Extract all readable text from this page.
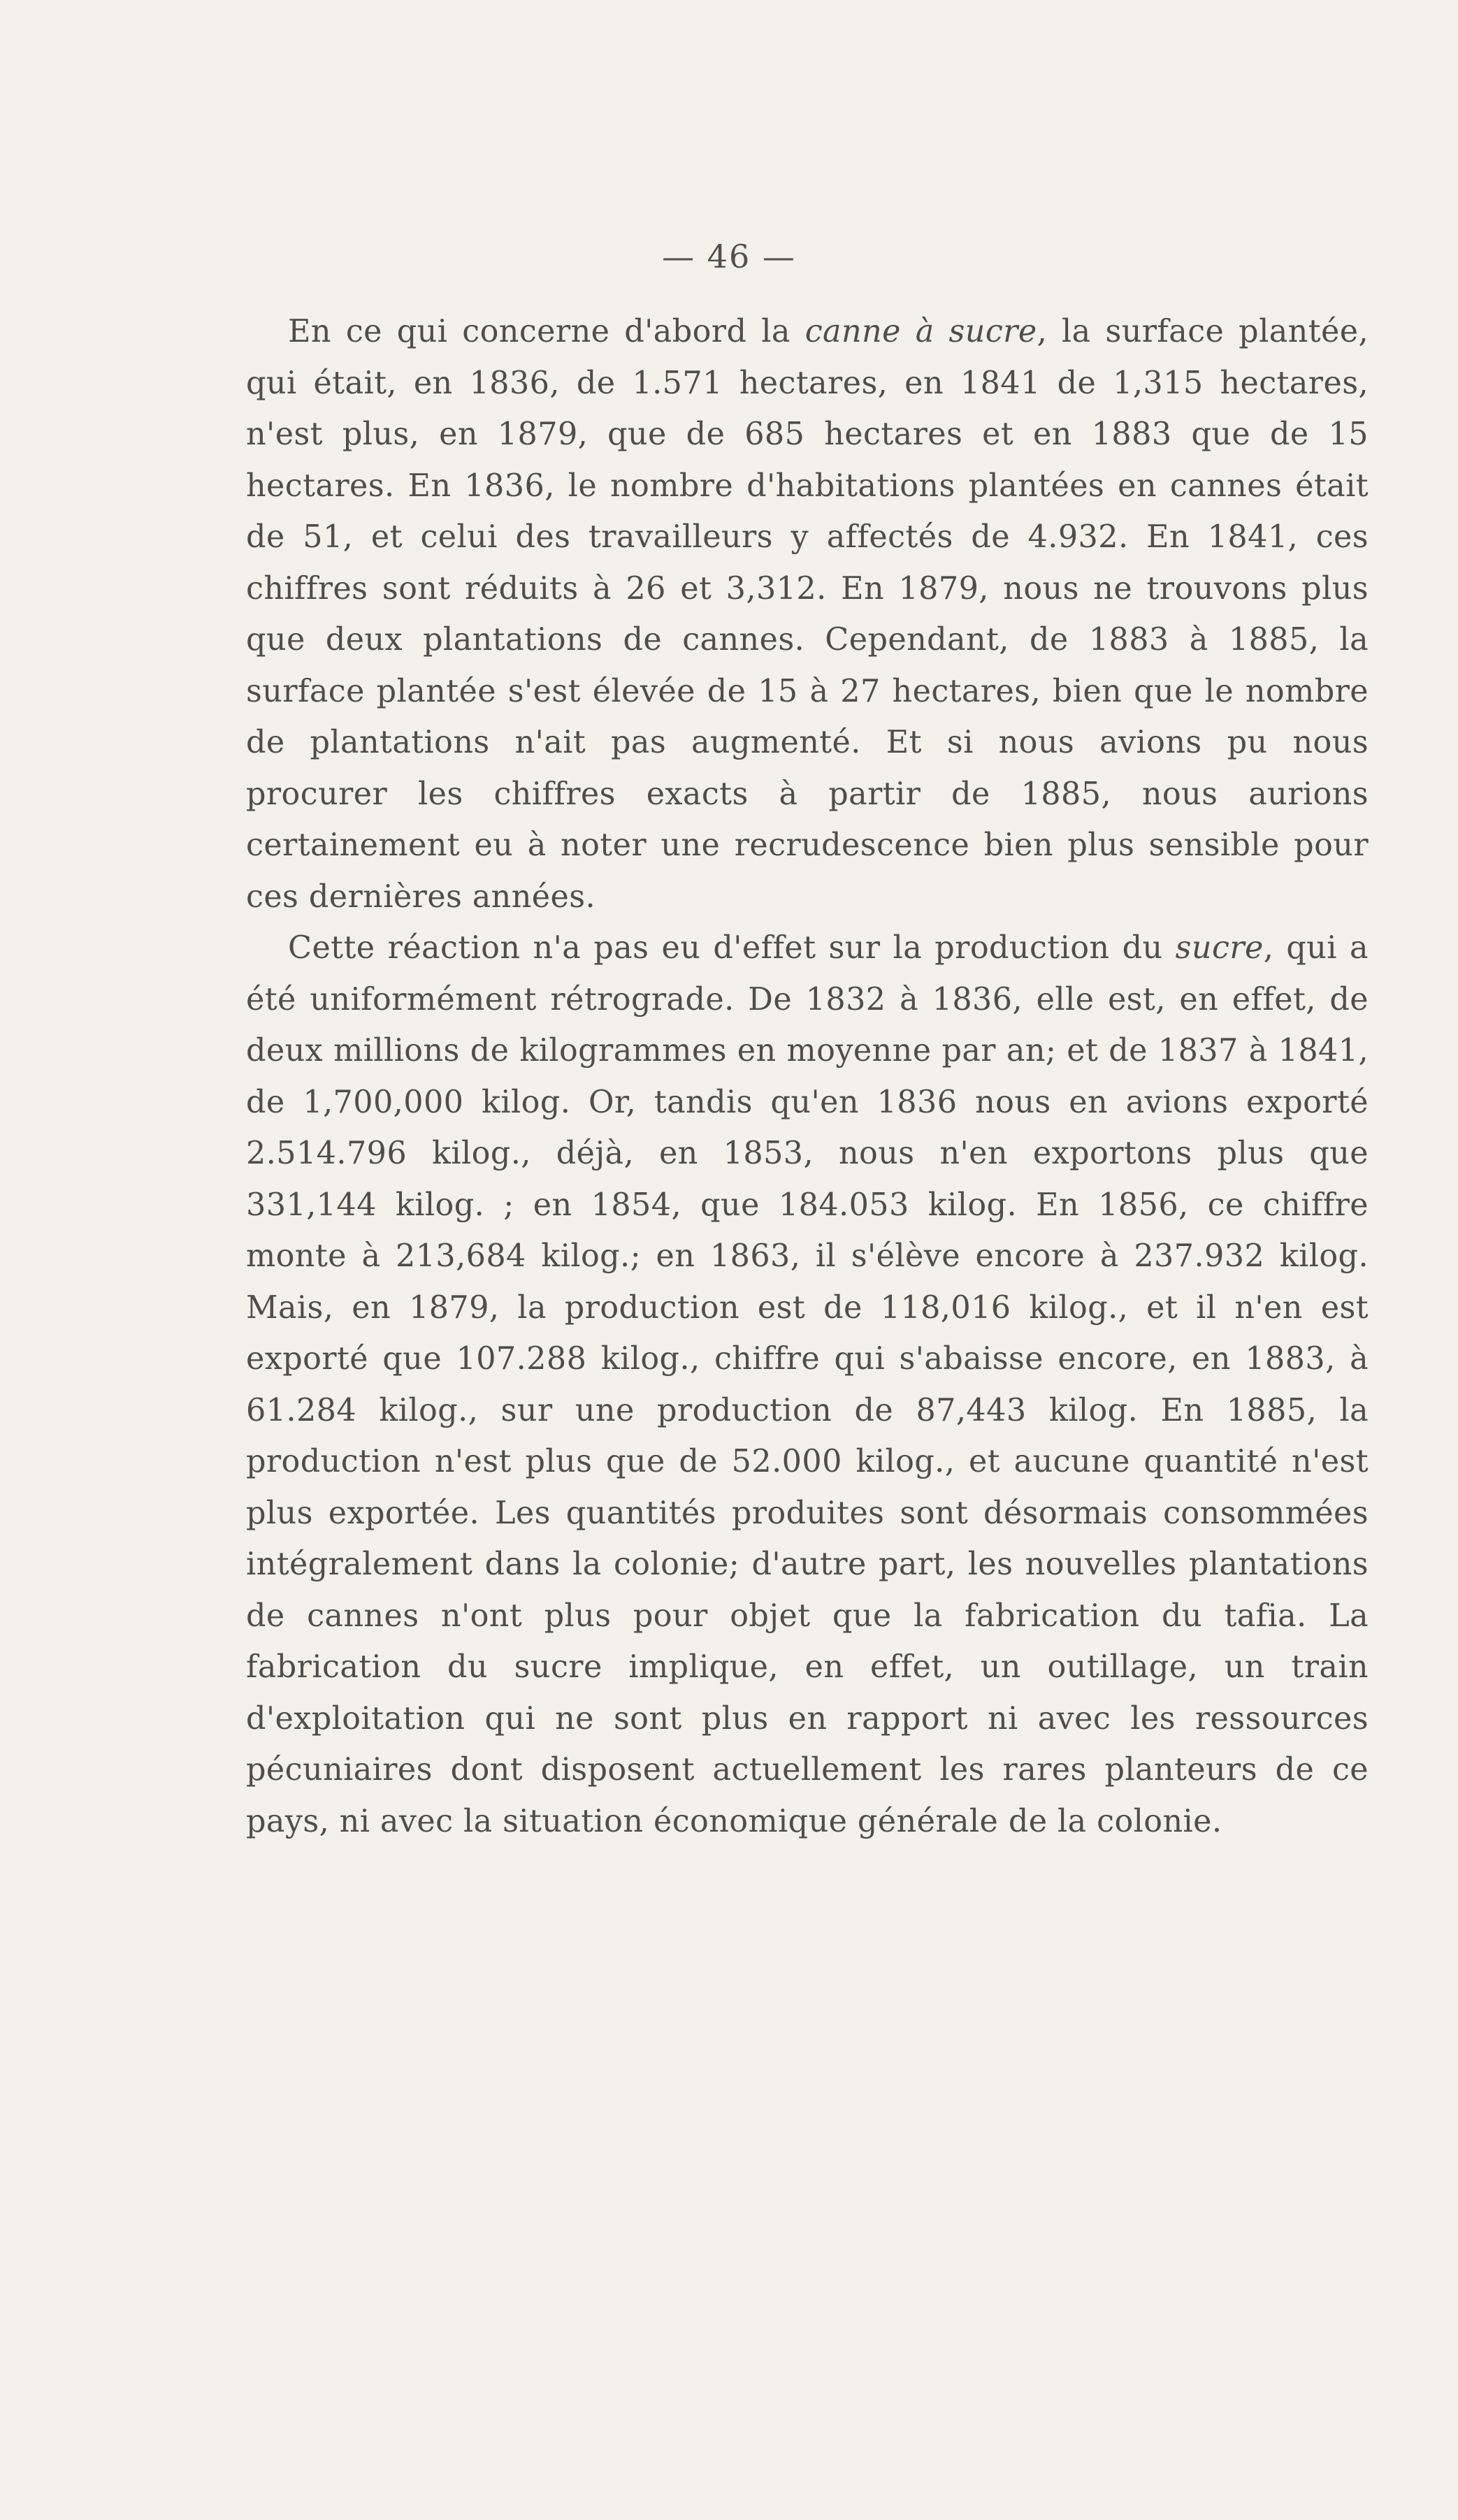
— 46 —

En ce qui concerne d'abord la canne à sucre, la surface plantée, qui était, en 1836, de 1.571 hectares, en 1841 de 1,315 hectares, n'est plus, en 1879, que de 685 hectares et en 1883 que de 15 hectares. En 1836, le nombre d'habitations plantées en cannes était de 51, et celui des travailleurs y affectés de 4.932. En 1841, ces chiffres sont réduits à 26 et 3,312. En 1879, nous ne trouvons plus que deux plantations de cannes. Cependant, de 1883 à 1885, la surface plantée s'est élevée de 15 à 27 hectares, bien que le nombre de plantations n'ait pas augmenté. Et si nous avions pu nous procurer les chiffres exacts à partir de 1885, nous aurions certainement eu à noter une recrudescence bien plus sensible pour ces dernières années.

Cette réaction n'a pas eu d'effet sur la production du sucre, qui a été uniformément rétrograde. De 1832 à 1836, elle est, en effet, de deux millions de kilogrammes en moyenne par an; et de 1837 à 1841, de 1,700,000 kilog. Or, tandis qu'en 1836 nous en avions exporté 2.514.796 kilog., déjà, en 1853, nous n'en exportons plus que 331,144 kilog. ; en 1854, que 184.053 kilog. En 1856, ce chiffre monte à 213,684 kilog.; en 1863, il s'élève encore à 237.932 kilog. Mais, en 1879, la production est de 118,016 kilog., et il n'en est exporté que 107.288 kilog., chiffre qui s'abaisse encore, en 1883, à 61.284 kilog., sur une production de 87,443 kilog. En 1885, la production n'est plus que de 52.000 kilog., et aucune quantité n'est plus exportée. Les quantités produites sont désormais consommées intégralement dans la colonie; d'autre part, les nouvelles plantations de cannes n'ont plus pour objet que la fabrication du tafia. La fabrication du sucre implique, en effet, un outillage, un train d'exploitation qui ne sont plus en rapport ni avec les ressources pécuniaires dont disposent actuellement les rares planteurs de ce pays, ni avec la situation économique générale de la colonie.
